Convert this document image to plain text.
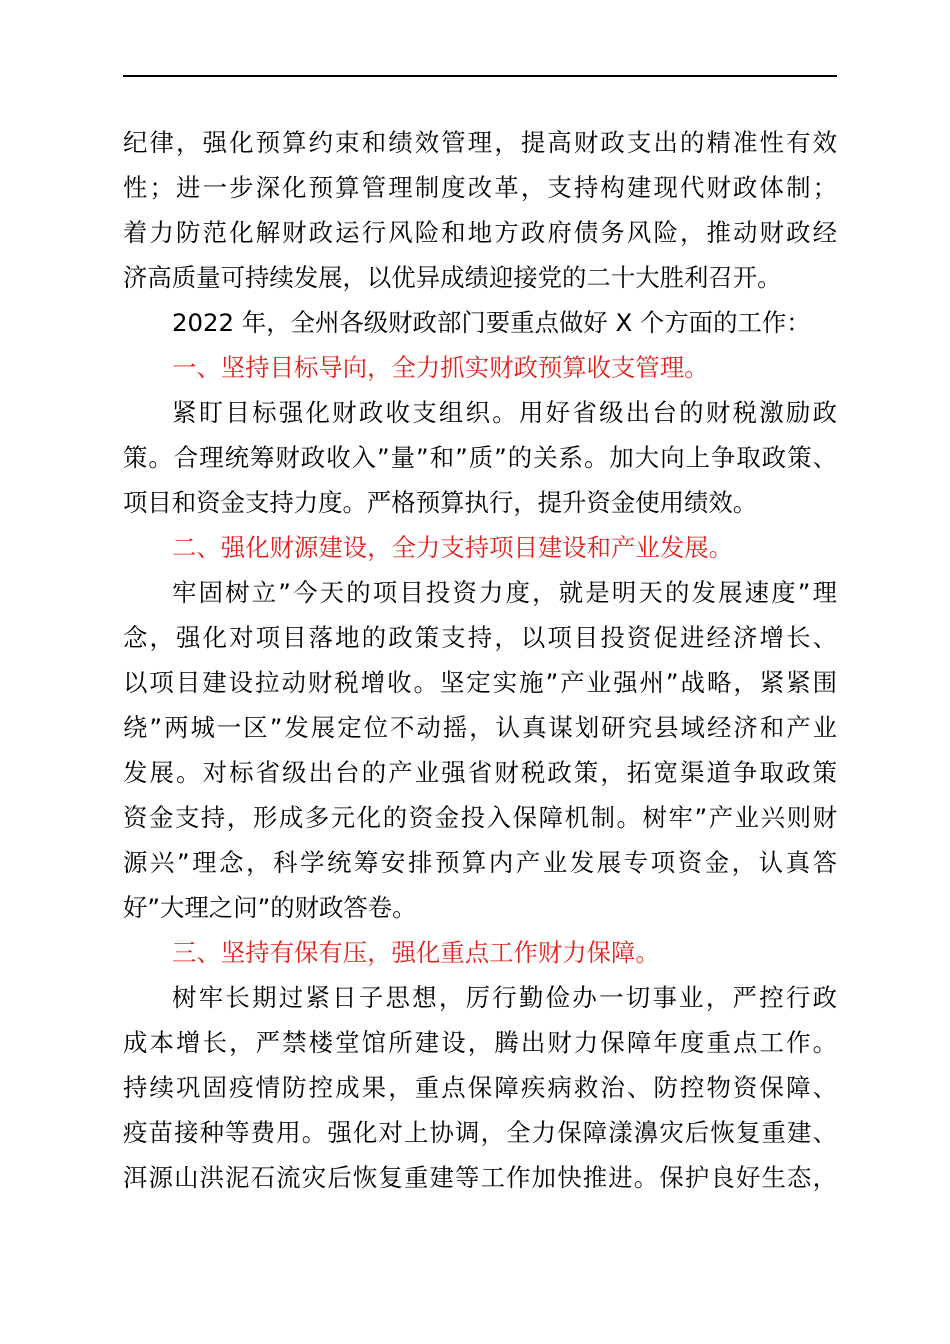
纪律，强化预算约束和绩效管理，提高财政支出的精准性有效
性；进一步深化预算管理制度改革，支持构建现代财政体制；
着力防范化解财政运行风险和地方政府债务风险，推动财政经
济高质量可持续发展，以优异成绩迎接党的二十大胜利召开。
2022 年，全州各级财政部门要重点做好 X 个方面的工作：
一、坚持目标导向，全力抓实财政预算收支管理。
紧盯目标强化财政收支组织。用好省级出台的财税激励政
策。合理统筹财政收入”量”和”质”的关系。加大向上争取政策、
项目和资金支持力度。严格预算执行，提升资金使用绩效。
二、强化财源建设，全力支持项目建设和产业发展。
牢固树立”今天的项目投资力度，就是明天的发展速度”理
念，强化对项目落地的政策支持，以项目投资促进经济增长、
以项目建设拉动财税增收。坚定实施”产业强州”战略，紧紧围
绕”两城一区”发展定位不动摇，认真谋划研究县域经济和产业
发展。对标省级出台的产业强省财税政策，拓宽渠道争取政策
资金支持，形成多元化的资金投入保障机制。树牢”产业兴则财
源兴”理念，科学统筹安排预算内产业发展专项资金，认真答
好”大理之问”的财政答卷。
三、坚持有保有压，强化重点工作财力保障。
树牢长期过紧日子思想，厉行勤俭办一切事业，严控行政
成本增长，严禁楼堂馆所建设，腾出财力保障年度重点工作。
持续巩固疫情防控成果，重点保障疾病救治、防控物资保障、
疫苗接种等费用。强化对上协调，全力保障漾濞灾后恢复重建、
洱源山洪泥石流灾后恢复重建等工作加快推进。保护良好生态，
